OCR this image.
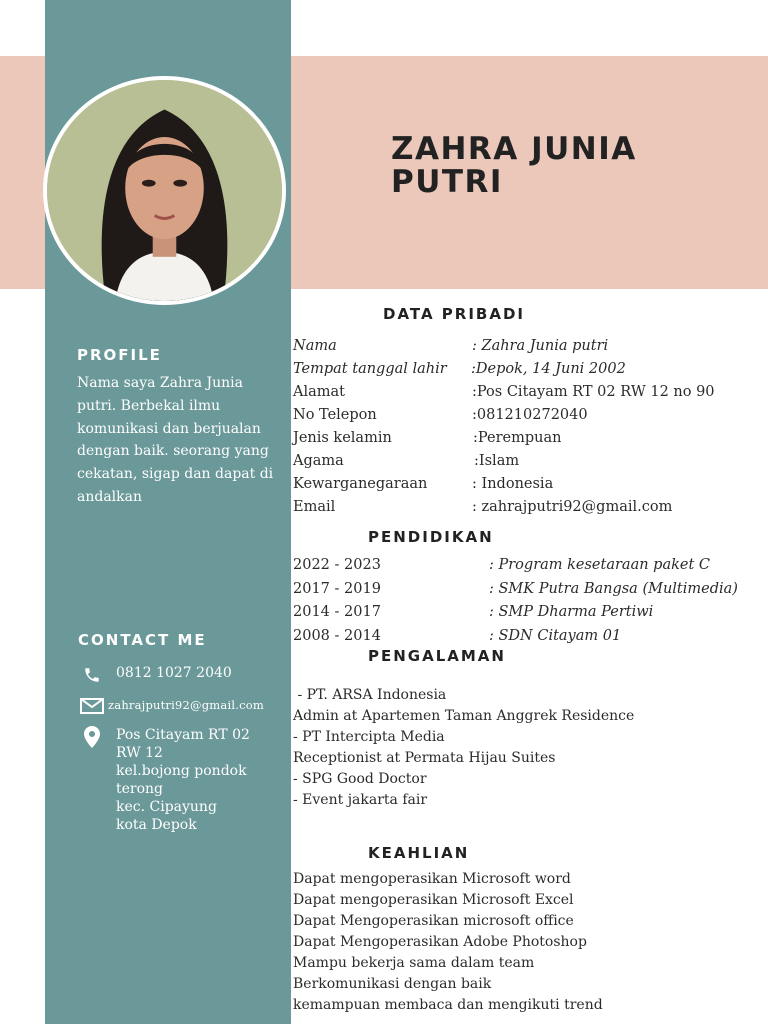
ZAHRA JUNIA
PUTRI
PROFILE
Nama saya Zahra Junia putri. Berbekal ilmu komunikasi dan berjualan dengan baik. seorang yang cekatan, sigap dan dapat di andalkan
CONTACT ME
0812 1027 2040
zahrajputri92@gmail.com
Pos Citayam RT 02
RW 12
kel.bojong pondok
terong
kec. Cipayung
kota Depok
DATA PRIBADI
Nama	: Zahra Junia putri
Tempat tanggal lahir :Depok, 14 Juni 2002
Alamat	:Pos Citayam RT 02 RW 12 no 90
No Telepon	:081210272040
Jenis kelamin	:Perempuan
Agama	:Islam
Kewarganegaraan	: Indonesia
Email	: zahrajputri92@gmail.com
PENDIDIKAN
2022 - 2023	: Program kesetaraan paket C
2017 - 2019	: SMK Putra Bangsa (Multimedia)
2014 - 2017	: SMP Dharma Pertiwi
2008 - 2014	: SDN Citayam 01
PENGALAMAN
- PT. ARSA Indonesia
Admin at Apartemen Taman Anggrek Residence
- PT Intercipta Media
Receptionist at Permata Hijau Suites
- SPG Good Doctor
- Event jakarta fair
KEAHLIAN
Dapat mengoperasikan Microsoft word
Dapat mengoperasikan Microsoft Excel
Dapat Mengoperasikan microsoft office
Dapat Mengoperasikan Adobe Photoshop
Mampu bekerja sama dalam team
Berkomunikasi dengan baik
kemampuan membaca dan mengikuti trend
